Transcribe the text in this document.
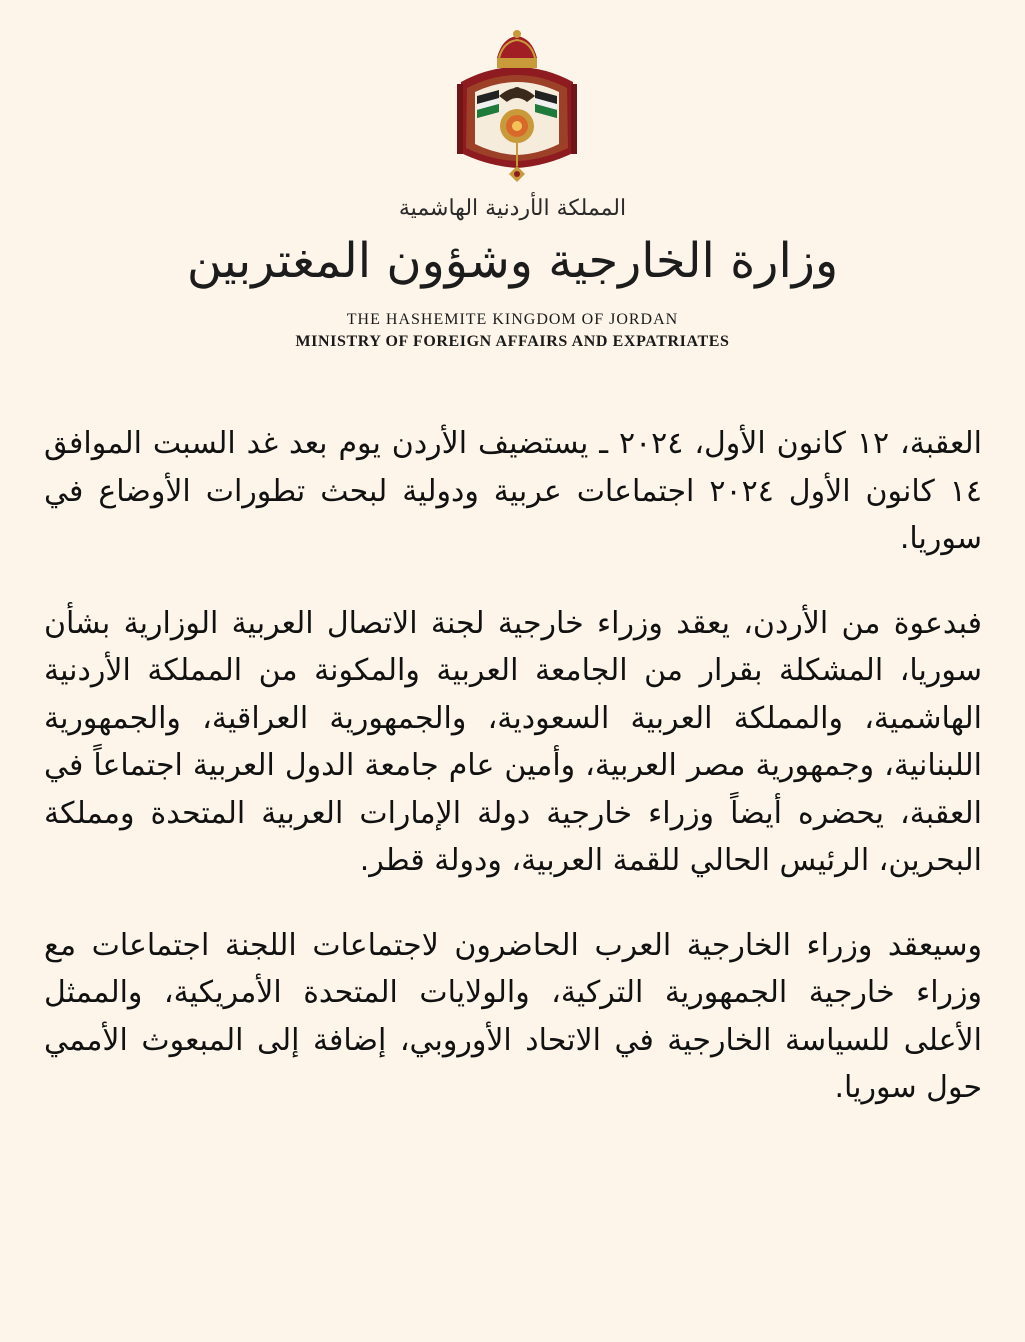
المملكة الأردنية الهاشمية
وزارة الخارجية وشؤون المغتربين
THE HASHEMITE KINGDOM OF JORDAN
MINISTRY OF FOREIGN AFFAIRS AND EXPATRIATES

العقبة، ١٢ كانون الأول، ٢٠٢٤ ـ يستضيف الأردن يوم بعد غد السبت الموافق ١٤ كانون الأول ٢٠٢٤ اجتماعات عربية ودولية لبحث تطورات الأوضاع في سوريا.

فبدعوة من الأردن، يعقد وزراء خارجية لجنة الاتصال العربية الوزارية بشأن سوريا، المشكلة بقرار من الجامعة العربية والمكونة من المملكة الأردنية الهاشمية، والمملكة العربية السعودية، والجمهورية العراقية، والجمهورية اللبنانية، وجمهورية مصر العربية، وأمين عام جامعة الدول العربية اجتماعاً في العقبة، يحضره أيضاً وزراء خارجية دولة الإمارات العربية المتحدة ومملكة البحرين، الرئيس الحالي للقمة العربية، ودولة قطر.

وسيعقد وزراء الخارجية العرب الحاضرون لاجتماعات اللجنة اجتماعات مع وزراء خارجية الجمهورية التركية، والولايات المتحدة الأمريكية، والممثل الأعلى للسياسة الخارجية في الاتحاد الأوروبي، إضافة إلى المبعوث الأممي حول سوريا.
